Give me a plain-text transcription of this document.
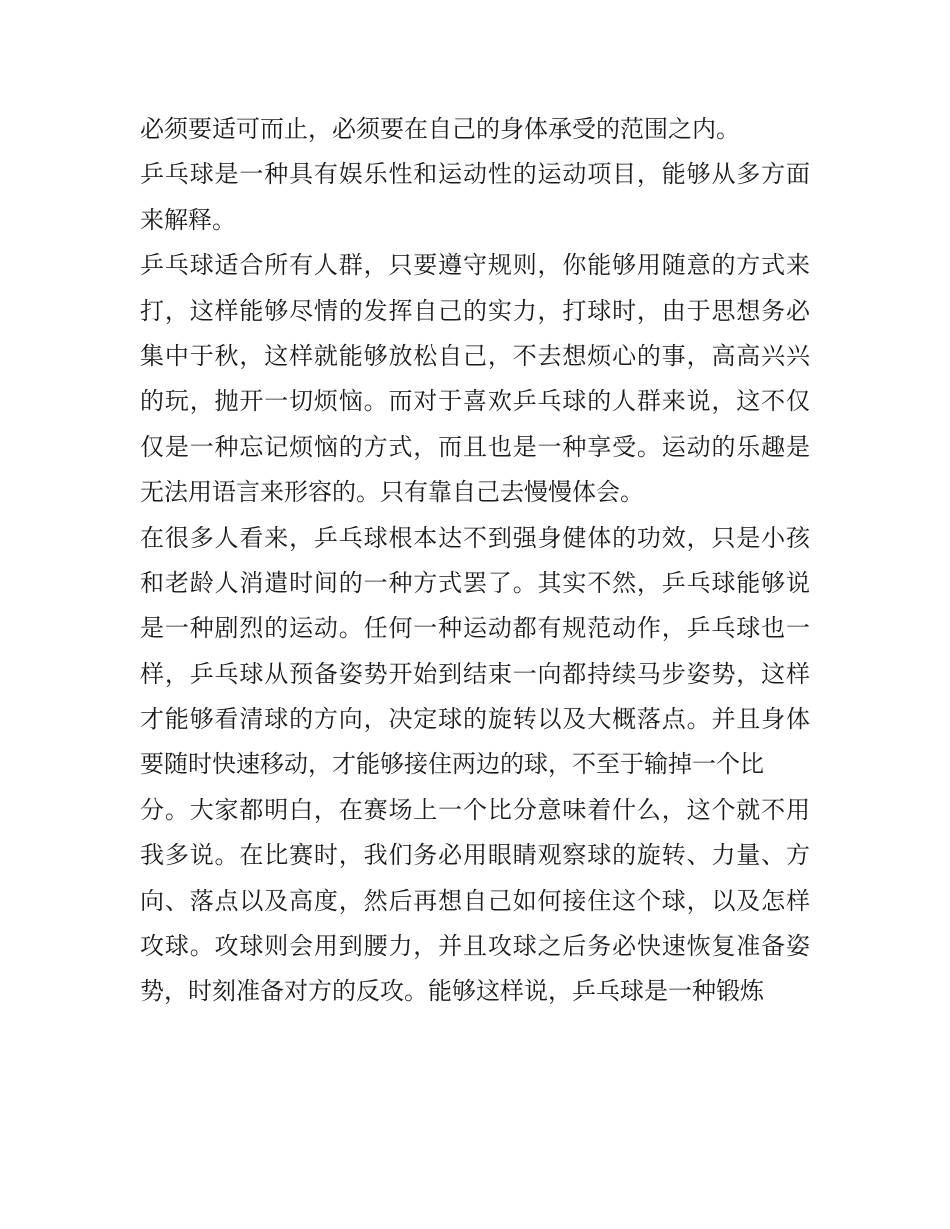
必须要适可而止，必须要在自己的身体承受的范围之内。
乒乓球是一种具有娱乐性和运动性的运动项目，能够从多方面
来解释。
乒乓球适合所有人群，只要遵守规则，你能够用随意的方式来
打，这样能够尽情的发挥自己的实力，打球时，由于思想务必
集中于秋，这样就能够放松自己，不去想烦心的事，高高兴兴
的玩，抛开一切烦恼。而对于喜欢乒乓球的人群来说，这不仅
仅是一种忘记烦恼的方式，而且也是一种享受。运动的乐趣是
无法用语言来形容的。只有靠自己去慢慢体会。
在很多人看来，乒乓球根本达不到强身健体的功效，只是小孩
和老龄人消遣时间的一种方式罢了。其实不然，乒乓球能够说
是一种剧烈的运动。任何一种运动都有规范动作，乒乓球也一
样，乒乓球从预备姿势开始到结束一向都持续马步姿势，这样
才能够看清球的方向，决定球的旋转以及大概落点。并且身体
要随时快速移动，才能够接住两边的球，不至于输掉一个比
分。大家都明白，在赛场上一个比分意味着什么，这个就不用
我多说。在比赛时，我们务必用眼睛观察球的旋转、力量、方
向、落点以及高度，然后再想自己如何接住这个球，以及怎样
攻球。攻球则会用到腰力，并且攻球之后务必快速恢复准备姿
势，时刻准备对方的反攻。能够这样说，乒乓球是一种锻炼
